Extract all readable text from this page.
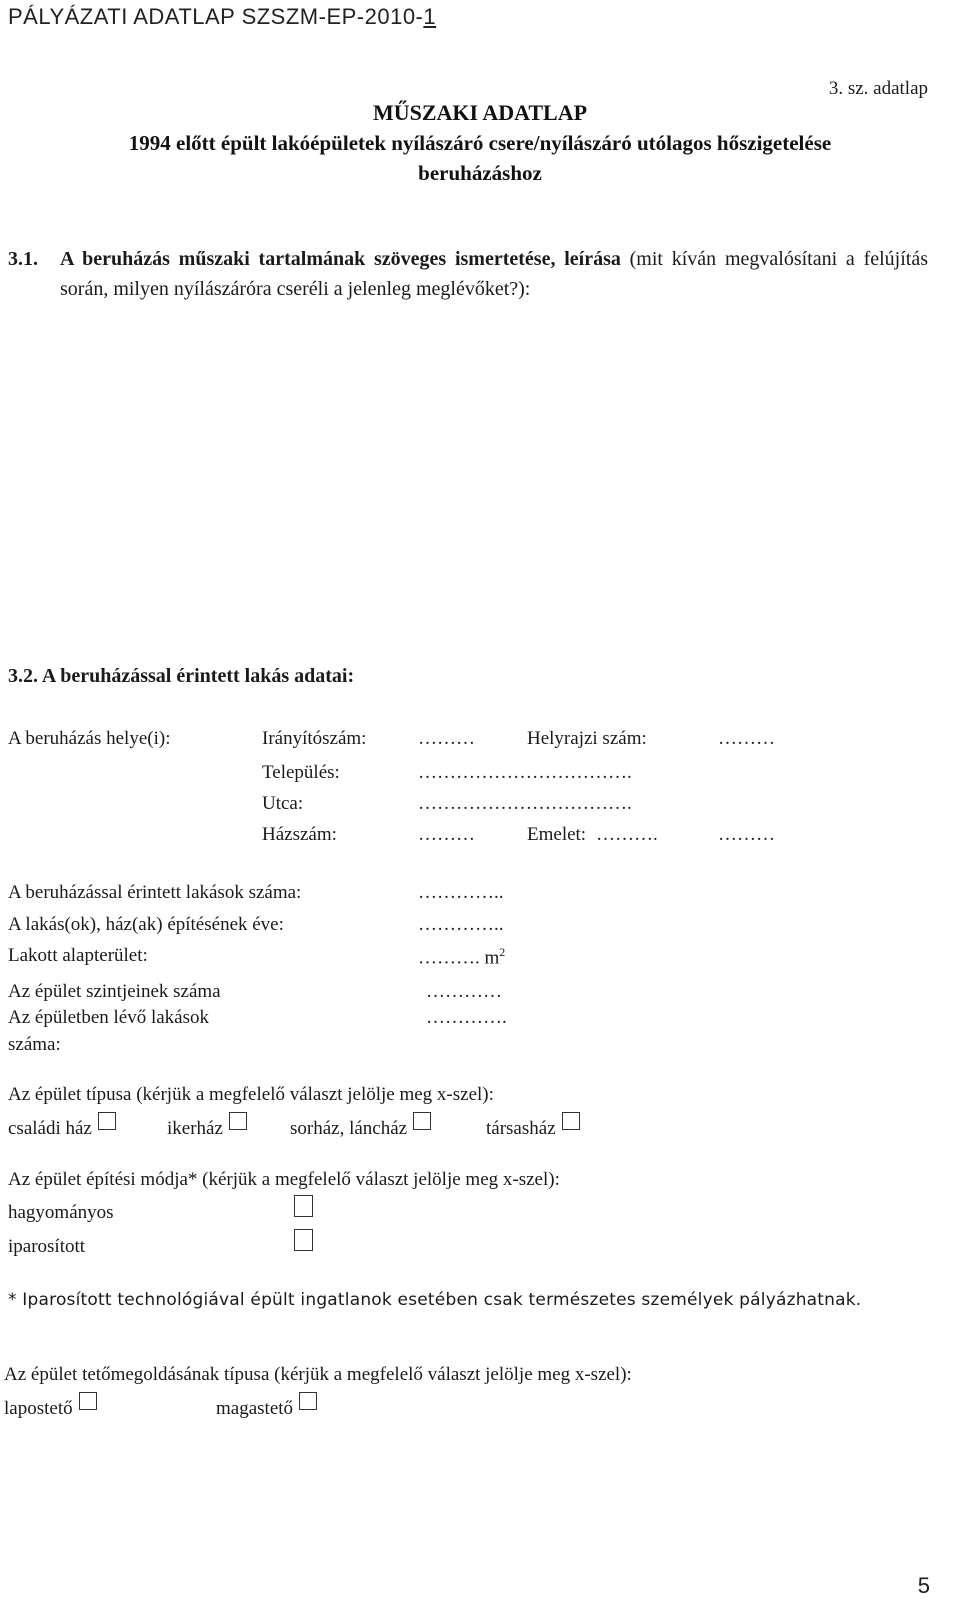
PÁLYÁZATI ADATLAP SZSZM-EP-2010-1
3. sz. adatlap
MŰSZAKI ADATLAP
1994 előtt épült lakóépületek nyílászáró csere/nyílászáró utólagos hőszigetelése
beruházáshoz
3.1. A beruházás műszaki tartalmának szöveges ismertetése, leírása (mit kíván megvalósítani a felújítás során, milyen nyílászáróra cseréli a jelenleg meglévőket?):
3.2. A beruházással érintett lakás adatai:
A beruházás helye(i):	Irányítószám:	………	Helyrajzi szám:	………
Település:	…………………………….
Utca:	…………………………….
Házszám:	………	Emelet: ……….	………
A beruházással érintett lakások száma:	…………..
A lakás(ok), ház(ak) építésének éve:	…………..
Lakott alapterület:	………. $m^2$
Az épület szintjeinek száma	…………
Az épületben lévő lakások
száma:
………….
Az épület típusa (kérjük a megfelelő választ jelölje meg x-szel):
családi ház	ikerház	sorház, láncház	társasház
Az épület építési módja* (kérjük a megfelelő választ jelölje meg x-szel):
hagyományos
iparosított
* Iparosított technológiával épült ingatlanok esetében csak természetes személyek pályázhatnak.
Az épület tetőmegoldásának típusa (kérjük a megfelelő választ jelölje meg x-szel):
lapostető	magastető
5
